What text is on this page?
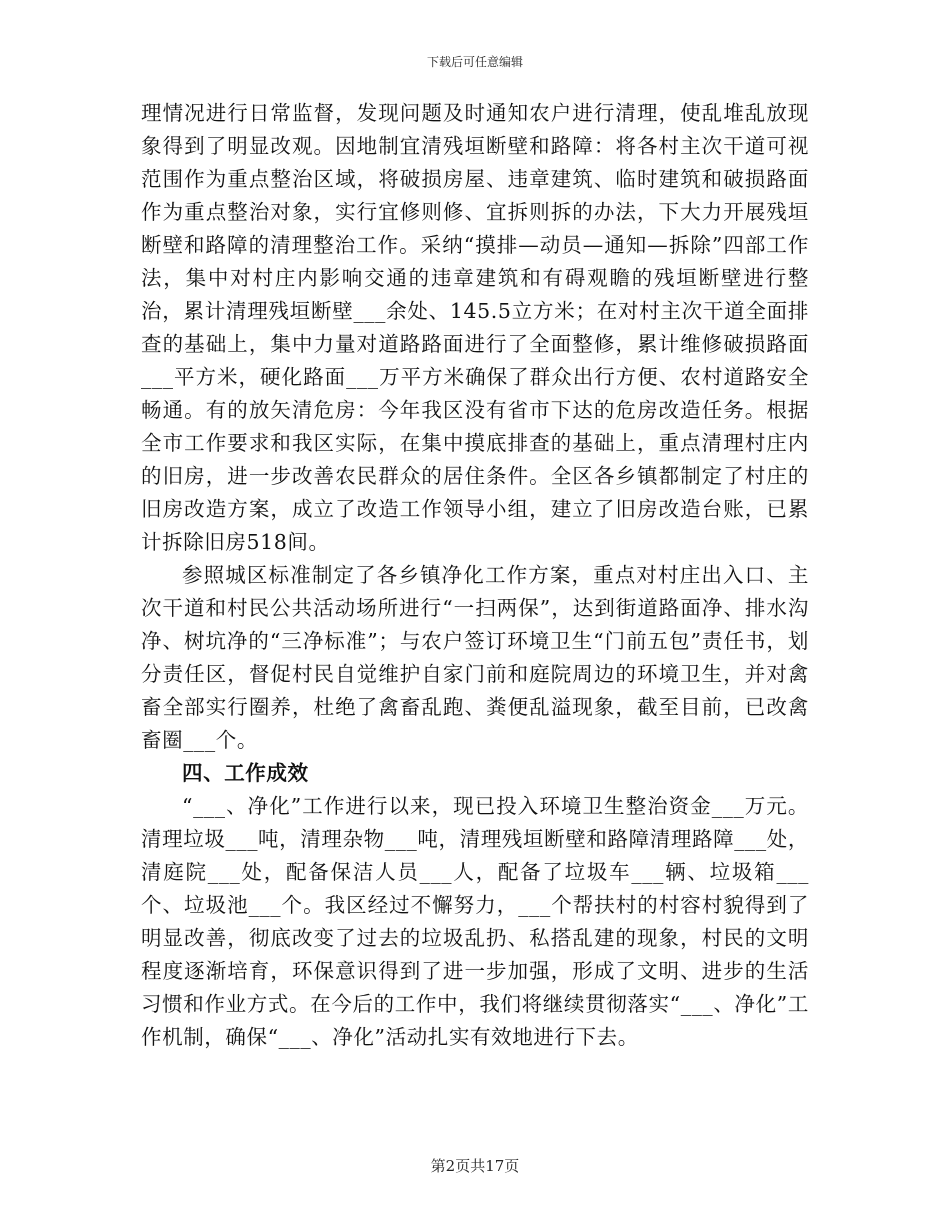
下载后可任意编辑

理情况进行日常监督，发现问题及时通知农户进行清理，使乱堆乱放现象得到了明显改观。因地制宜清残垣断壁和路障：将各村主次干道可视范围作为重点整治区域，将破损房屋、违章建筑、临时建筑和破损路面作为重点整治对象，实行宜修则修、宜拆则拆的办法，下大力开展残垣断壁和路障的清理整治工作。采纳“摸排—动员—通知—拆除”四部工作法，集中对村庄内影响交通的违章建筑和有碍观瞻的残垣断壁进行整治，累计清理残垣断壁___余处、145.5立方米；在对村主次干道全面排查的基础上，集中力量对道路路面进行了全面整修，累计维修破损路面___平方米，硬化路面___万平方米确保了群众出行方便、农村道路安全畅通。有的放矢清危房：今年我区没有省市下达的危房改造任务。根据全市工作要求和我区实际，在集中摸底排查的基础上，重点清理村庄内的旧房，进一步改善农民群众的居住条件。全区各乡镇都制定了村庄的旧房改造方案，成立了改造工作领导小组，建立了旧房改造台账，已累计拆除旧房518间。

参照城区标准制定了各乡镇净化工作方案，重点对村庄出入口、主次干道和村民公共活动场所进行“一扫两保”，达到街道路面净、排水沟净、树坑净的“三净标准”；与农户签订环境卫生“门前五包”责任书，划分责任区，督促村民自觉维护自家门前和庭院周边的环境卫生，并对禽畜全部实行圈养，杜绝了禽畜乱跑、粪便乱溢现象，截至目前，已改禽畜圈___个。

四、工作成效

“___、净化”工作进行以来，现已投入环境卫生整治资金___万元。清理垃圾___吨，清理杂物___吨，清理残垣断壁和路障清理路障___处，清庭院___处，配备保洁人员___人，配备了垃圾车___辆、垃圾箱___个、垃圾池___个。我区经过不懈努力，___个帮扶村的村容村貌得到了明显改善，彻底改变了过去的垃圾乱扔、私搭乱建的现象，村民的文明程度逐渐培育，环保意识得到了进一步加强，形成了文明、进步的生活习惯和作业方式。在今后的工作中，我们将继续贯彻落实“___、净化”工作机制，确保“___、净化”活动扎实有效地进行下去。

第2页共17页
